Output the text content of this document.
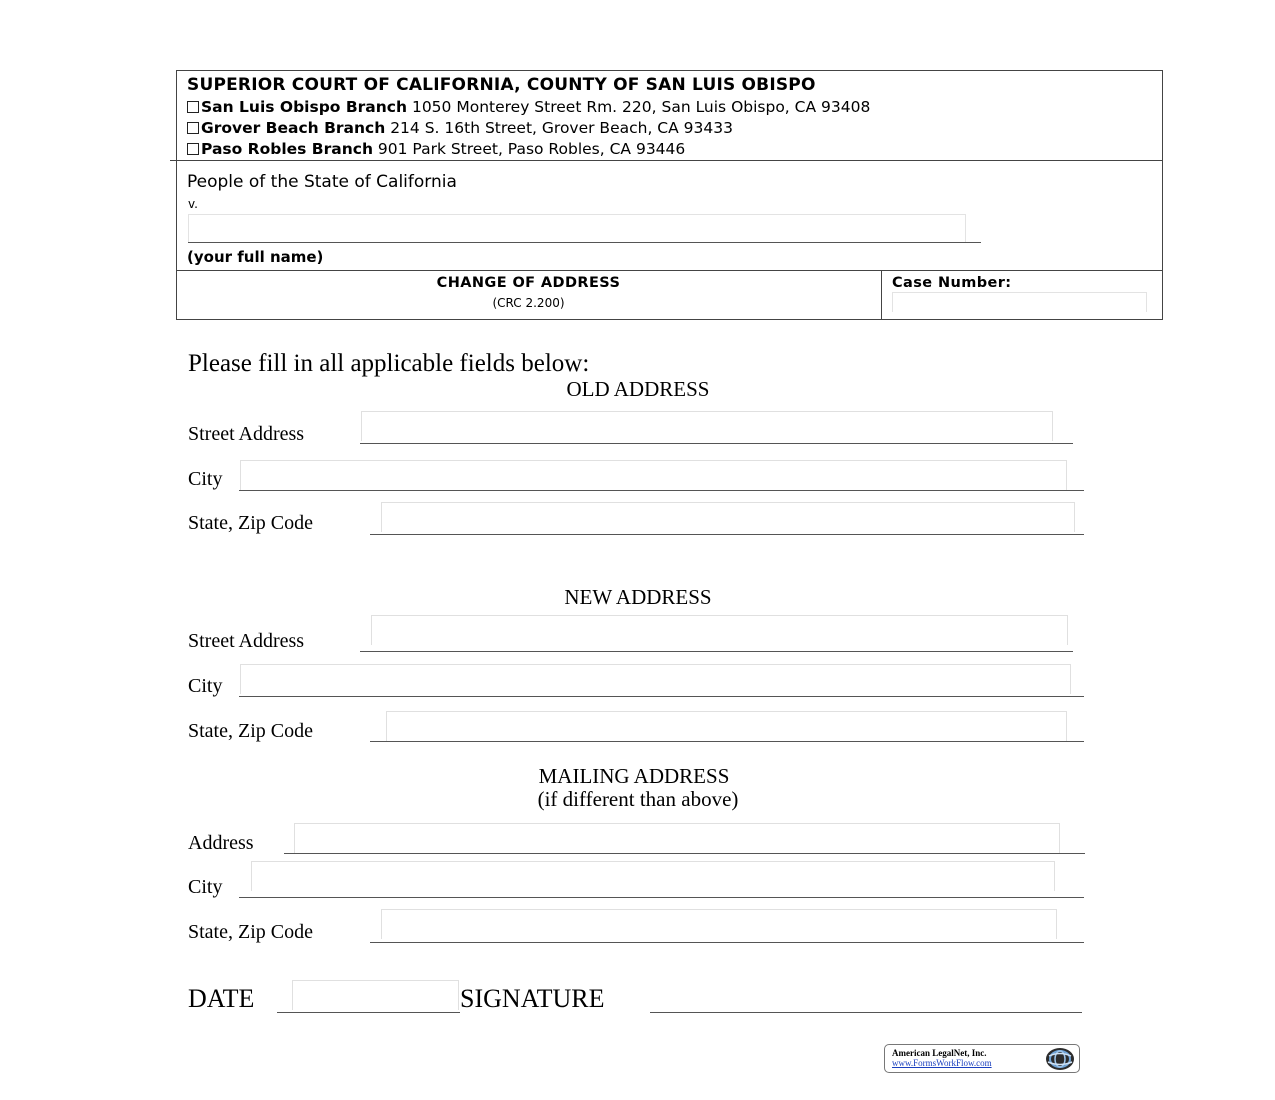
SUPERIOR COURT OF CALIFORNIA, COUNTY OF SAN LUIS OBISPO
San Luis Obispo Branch 1050 Monterey Street Rm. 220, San Luis Obispo, CA 93408
Grover Beach Branch 214 S. 16th Street, Grover Beach, CA 93433
Paso Robles Branch 901 Park Street, Paso Robles, CA 93446
People of the State of California
v.
(your full name)
CHANGE OF ADDRESS
(CRC 2.200)
Case Number:
Please fill in all applicable fields below:
OLD ADDRESS
Street Address
City
State, Zip Code
NEW ADDRESS
Street Address
City
State, Zip Code
MAILING ADDRESS
(if different than above)
Address
City
State, Zip Code
DATE	SIGNATURE
American LegalNet, Inc.
www.FormsWorkFlow.com
